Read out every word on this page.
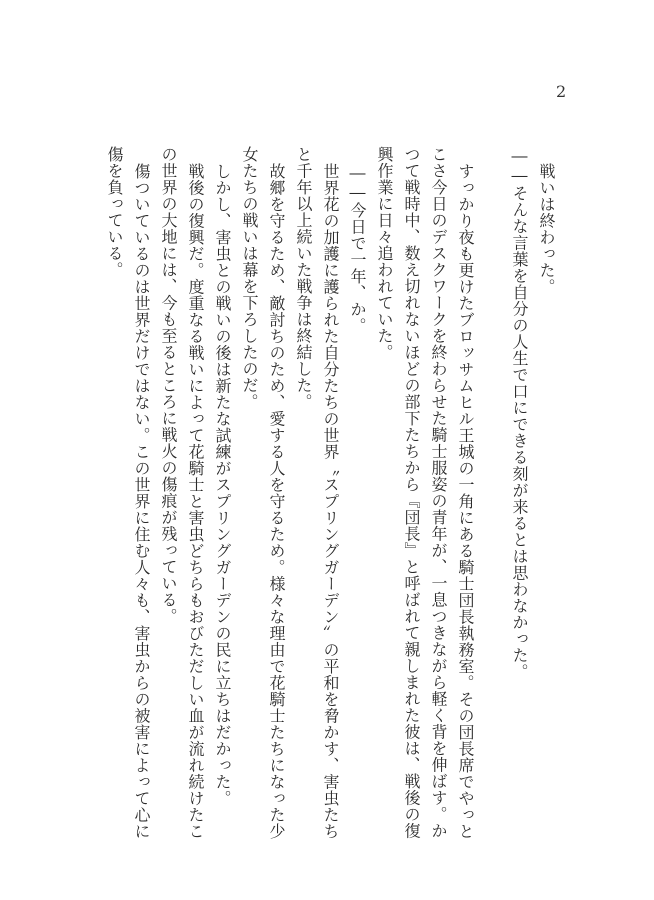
2
戦いは終わった。
――そんな言葉を自分の人生で口にできる刻が来るとは思わなかった。
すっかり夜も更けたブロッサムヒル王城の一角にある騎士団長執務室。その団長席でやっと
こさ今日のデスクワークを終わらせた騎士服姿の青年が、一息つきながら軽く背を伸ばす。か
つて戦時中、数え切れないほどの部下たちから『団長』と呼ばれて親しまれた彼は、戦後の復
興作業に日々追われていた。
――今日で一年、か。
世界花の加護に護られた自分たちの世界〝スプリングガーデン〟の平和を脅かす、害虫たち
と千年以上続いた戦争は終結した。
故郷を守るため、敵討ちのため、愛する人を守るため。様々な理由で花騎士たちになった少
女たちの戦いは幕を下ろしたのだ。
しかし、害虫との戦いの後は新たな試練がスプリングガーデンの民に立ちはだかった。
戦後の復興だ。度重なる戦いによって花騎士と害虫どちらもおびただしい血が流れ続けたこ
の世界の大地には、今も至るところに戦火の傷痕が残っている。
傷ついているのは世界だけではない。この世界に住む人々も、害虫からの被害によって心に
傷を負っている。
